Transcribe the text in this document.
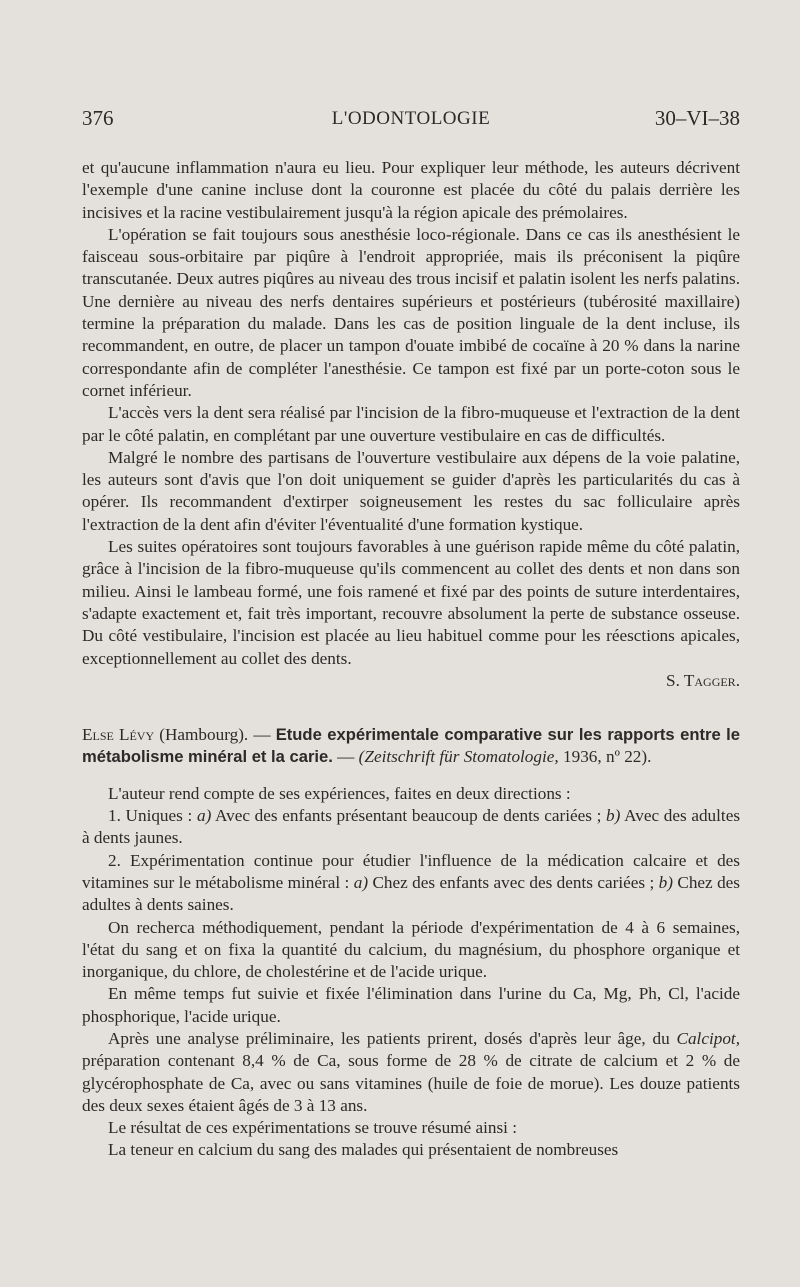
376	L'ODONTOLOGIE	30–VI–38

et qu'aucune inflammation n'aura eu lieu. Pour expliquer leur méthode, les auteurs décrivent l'exemple d'une canine incluse dont la couronne est placée du côté du palais derrière les incisives et la racine vestibulairement jusqu'à la région apicale des prémolaires.

L'opération se fait toujours sous anesthésie loco-régionale. Dans ce cas ils anesthésient le faisceau sous-orbitaire par piqûre à l'endroit appropriée, mais ils préconisent la piqûre transcutanée. Deux autres piqûres au niveau des trous incisif et palatin isolent les nerfs palatins. Une dernière au niveau des nerfs dentaires supérieurs et postérieurs (tubérosité maxillaire) termine la préparation du malade. Dans les cas de position linguale de la dent incluse, ils recommandent, en outre, de placer un tampon d'ouate imbibé de cocaïne à 20 % dans la narine correspondante afin de compléter l'anesthésie. Ce tampon est fixé par un porte-coton sous le cornet inférieur.

L'accès vers la dent sera réalisé par l'incision de la fibro-muqueuse et l'extraction de la dent par le côté palatin, en complétant par une ouverture vestibulaire en cas de difficultés.

Malgré le nombre des partisans de l'ouverture vestibulaire aux dépens de la voie palatine, les auteurs sont d'avis que l'on doit uniquement se guider d'après les particularités du cas à opérer. Ils recommandent d'extirper soigneusement les restes du sac folliculaire après l'extraction de la dent afin d'éviter l'éventualité d'une formation kystique.

Les suites opératoires sont toujours favorables à une guérison rapide même du côté palatin, grâce à l'incision de la fibro-muqueuse qu'ils commencent au collet des dents et non dans son milieu. Ainsi le lambeau formé, une fois ramené et fixé par des points de suture interdentaires, s'adapte exactement et, fait très important, recouvre absolument la perte de substance osseuse. Du côté vestibulaire, l'incision est placée au lieu habituel comme pour les réesctions apicales, exceptionnellement au collet des dents.

S. Tagger.

Else Lévy (Hambourg). — Etude expérimentale comparative sur les rapports entre le métabolisme minéral et la carie. — (Zeitschrift für Stomatologie, 1936, nº 22).

L'auteur rend compte de ses expériences, faites en deux directions :

1. Uniques : a) Avec des enfants présentant beaucoup de dents cariées ; b) Avec des adultes à dents jaunes.

2. Expérimentation continue pour étudier l'influence de la médication calcaire et des vitamines sur le métabolisme minéral : a) Chez des enfants avec des dents cariées ; b) Chez des adultes à dents saines.

On recherca méthodiquement, pendant la période d'expérimentation de 4 à 6 semaines, l'état du sang et on fixa la quantité du calcium, du magnésium, du phosphore organique et inorganique, du chlore, de cholestérine et de l'acide urique.

En même temps fut suivie et fixée l'élimination dans l'urine du Ca, Mg, Ph, Cl, l'acide phosphorique, l'acide urique.

Après une analyse préliminaire, les patients prirent, dosés d'après leur âge, du Calcipot, préparation contenant 8,4 % de Ca, sous forme de 28 % de citrate de calcium et 2 % de glycérophosphate de Ca, avec ou sans vitamines (huile de foie de morue). Les douze patients des deux sexes étaient âgés de 3 à 13 ans.

Le résultat de ces expérimentations se trouve résumé ainsi :

La teneur en calcium du sang des malades qui présentaient de nombreuses
